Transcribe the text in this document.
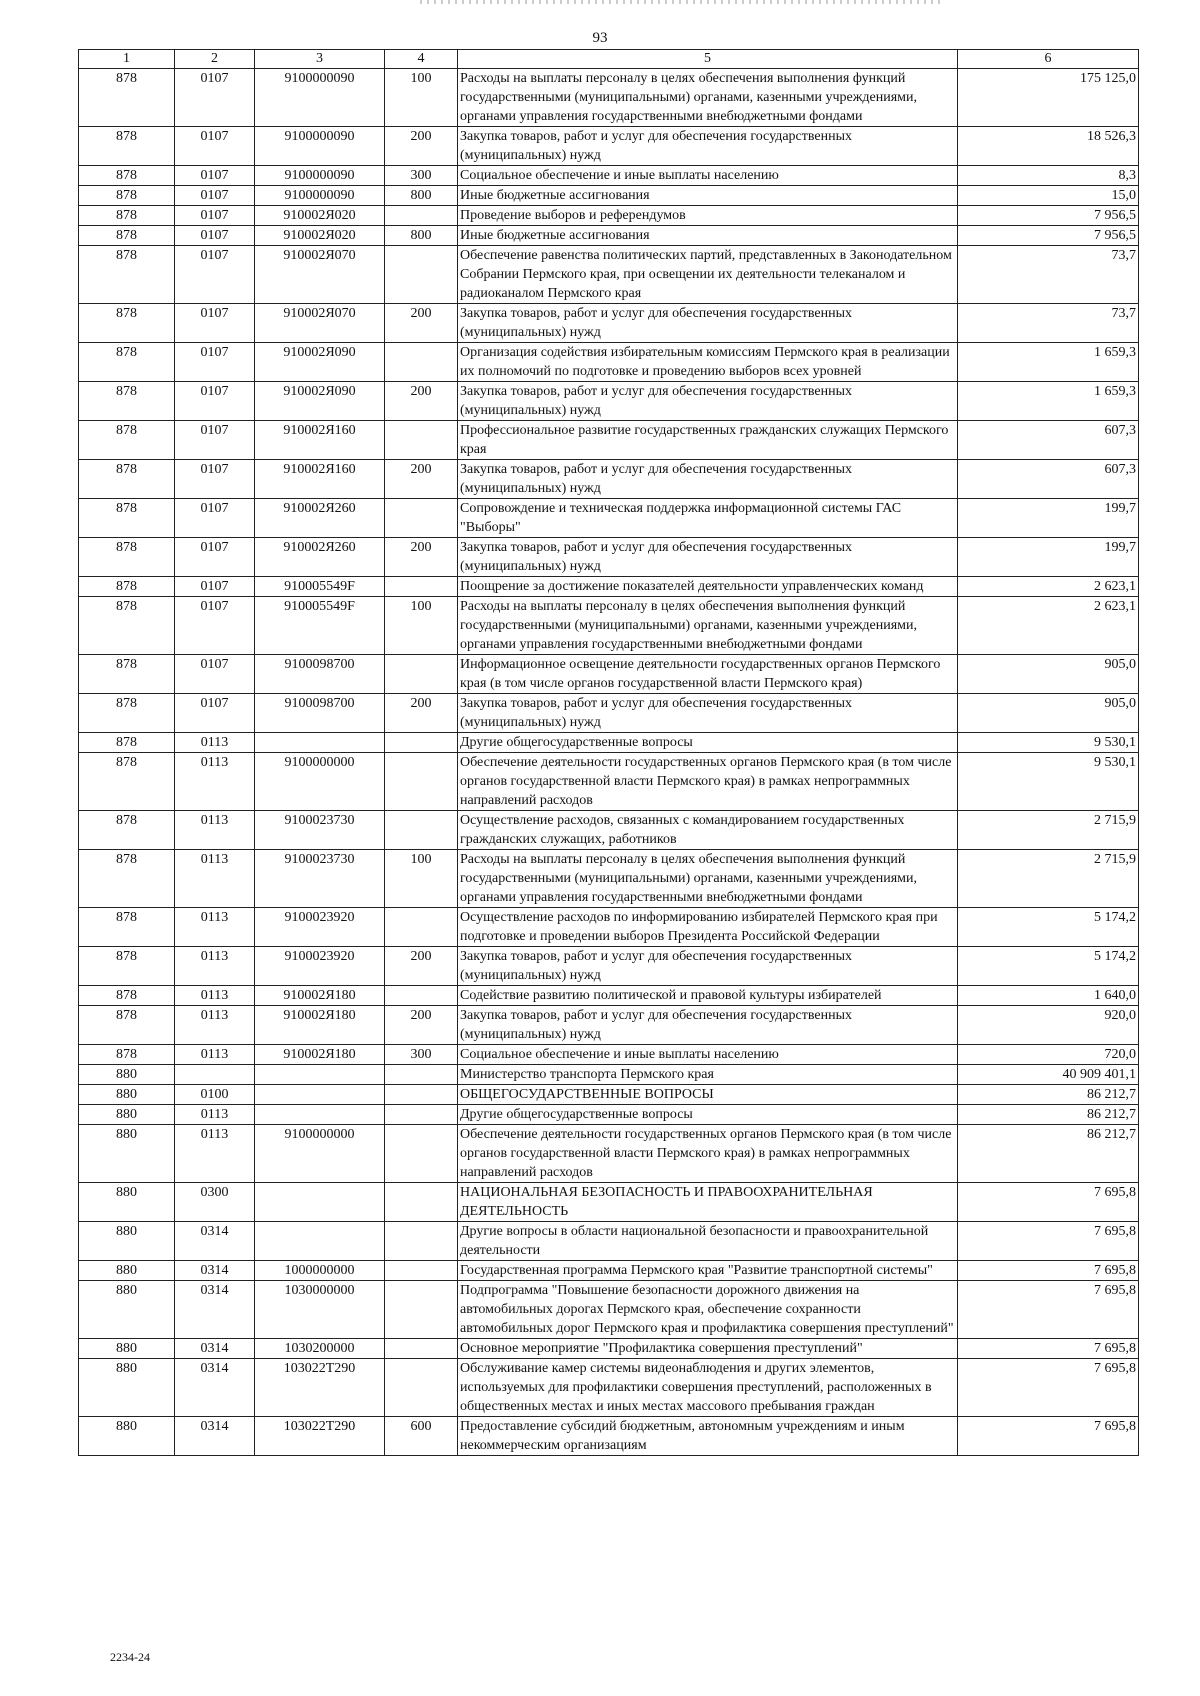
93
1	2	3	4	5	6
878	0107	9100000090	100	Расходы на выплаты персоналу в целях обеспечения выполнения функций государственными (муниципальными) органами, казенными учреждениями, органами управления государственными внебюджетными фондами	175 125,0
878	0107	9100000090	200	Закупка товаров, работ и услуг для обеспечения государственных (муниципальных) нужд	18 526,3
878	0107	9100000090	300	Социальное обеспечение и иные выплаты населению	8,3
878	0107	9100000090	800	Иные бюджетные ассигнования	15,0
878	0107	910002Я020		Проведение выборов и референдумов	7 956,5
878	0107	910002Я020	800	Иные бюджетные ассигнования	7 956,5
878	0107	910002Я070		Обеспечение равенства политических партий, представленных в Законодательном Собрании Пермского края, при освещении их деятельности телеканалом и радиоканалом Пермского края	73,7
878	0107	910002Я070	200	Закупка товаров, работ и услуг для обеспечения государственных (муниципальных) нужд	73,7
878	0107	910002Я090		Организация содействия избирательным комиссиям Пермского края в реализации их полномочий по подготовке и проведению выборов всех уровней	1 659,3
878	0107	910002Я090	200	Закупка товаров, работ и услуг для обеспечения государственных (муниципальных) нужд	1 659,3
878	0107	910002Я160		Профессиональное развитие государственных гражданских служащих Пермского края	607,3
878	0107	910002Я160	200	Закупка товаров, работ и услуг для обеспечения государственных (муниципальных) нужд	607,3
878	0107	910002Я260		Сопровождение и техническая поддержка информационной системы ГАС "Выборы"	199,7
878	0107	910002Я260	200	Закупка товаров, работ и услуг для обеспечения государственных (муниципальных) нужд	199,7
878	0107	910005549F		Поощрение за достижение показателей деятельности управленческих команд	2 623,1
878	0107	910005549F	100	Расходы на выплаты персоналу в целях обеспечения выполнения функций государственными (муниципальными) органами, казенными учреждениями, органами управления государственными внебюджетными фондами	2 623,1
878	0107	9100098700		Информационное освещение деятельности государственных органов Пермского края (в том числе органов государственной власти Пермского края)	905,0
878	0107	9100098700	200	Закупка товаров, работ и услуг для обеспечения государственных (муниципальных) нужд	905,0
878	0113			Другие общегосударственные вопросы	9 530,1
878	0113	9100000000		Обеспечение деятельности государственных органов Пермского края (в том числе органов государственной власти Пермского края) в рамках непрограммных направлений расходов	9 530,1
878	0113	9100023730		Осуществление расходов, связанных с командированием государственных гражданских служащих, работников	2 715,9
878	0113	9100023730	100	Расходы на выплаты персоналу в целях обеспечения выполнения функций государственными (муниципальными) органами, казенными учреждениями, органами управления государственными внебюджетными фондами	2 715,9
878	0113	9100023920		Осуществление расходов по информированию избирателей Пермского края при подготовке и проведении выборов Президента Российской Федерации	5 174,2
878	0113	9100023920	200	Закупка товаров, работ и услуг для обеспечения государственных (муниципальных) нужд	5 174,2
878	0113	910002Я180		Содействие развитию политической и правовой культуры избирателей	1 640,0
878	0113	910002Я180	200	Закупка товаров, работ и услуг для обеспечения государственных (муниципальных) нужд	920,0
878	0113	910002Я180	300	Социальное обеспечение и иные выплаты населению	720,0
880				Министерство транспорта Пермского края	40 909 401,1
880	0100			ОБЩЕГОСУДАРСТВЕННЫЕ ВОПРОСЫ	86 212,7
880	0113			Другие общегосударственные вопросы	86 212,7
880	0113	9100000000		Обеспечение деятельности государственных органов Пермского края (в том числе органов государственной власти Пермского края) в рамках непрограммных направлений расходов	86 212,7
880	0300			НАЦИОНАЛЬНАЯ БЕЗОПАСНОСТЬ И ПРАВООХРАНИТЕЛЬНАЯ ДЕЯТЕЛЬНОСТЬ	7 695,8
880	0314			Другие вопросы в области национальной безопасности и правоохранительной деятельности	7 695,8
880	0314	1000000000		Государственная программа Пермского края "Развитие транспортной системы"	7 695,8
880	0314	1030000000		Подпрограмма "Повышение безопасности дорожного движения на автомобильных дорогах Пермского края, обеспечение сохранности автомобильных дорог Пермского края и профилактика совершения преступлений"	7 695,8
880	0314	1030200000		Основное мероприятие "Профилактика совершения преступлений"	7 695,8
880	0314	103022T290		Обслуживание камер системы видеонаблюдения и других элементов, используемых для профилактики совершения преступлений, расположенных в общественных местах и иных местах массового пребывания граждан	7 695,8
880	0314	103022T290	600	Предоставление субсидий бюджетным, автономным учреждениям и иным некоммерческим организациям	7 695,8
2234-24
